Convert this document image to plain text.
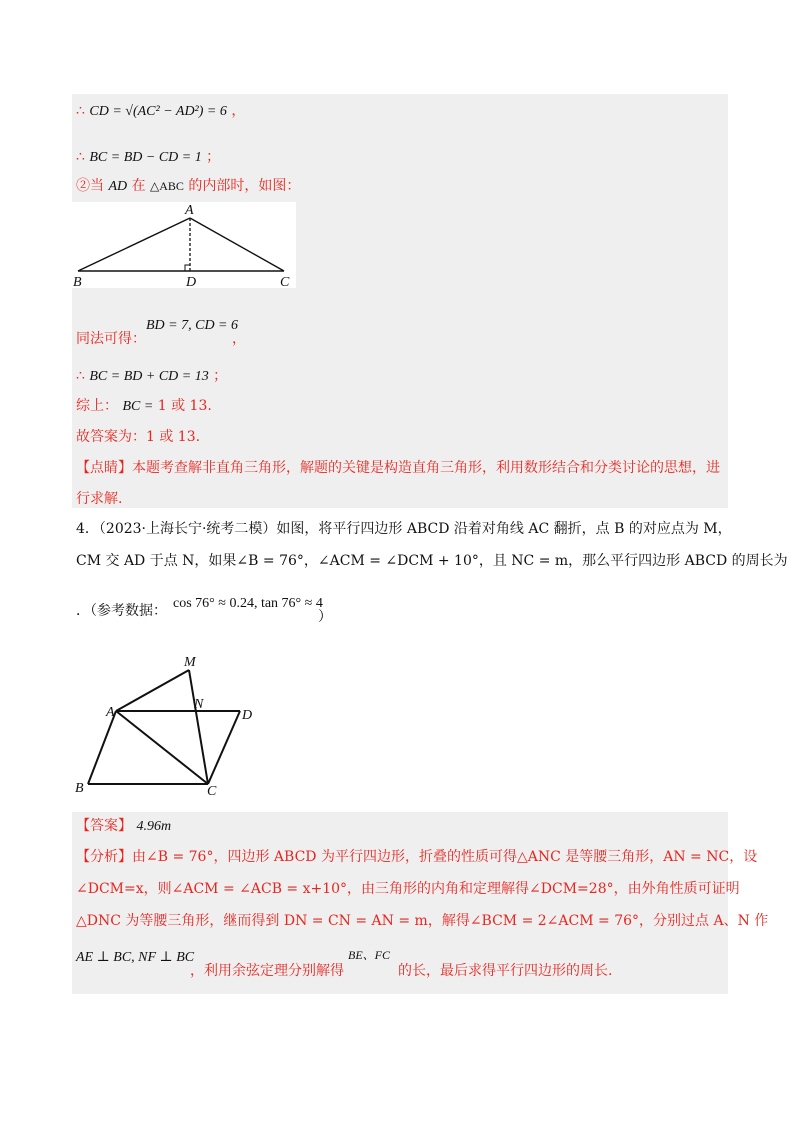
∴ CD = √(AC² − AD²) = 6 ，
∴ BC = BD − CD = 1 ；
②当 AD 在 △ABC 的内部时，如图：
A
B	D	C
同法可得：
BD = 7, CD = 6
，
∴ BC = BD + CD = 13 ；
综上： BC = 1 或 13.
故答案为：1 或 13.
【点睛】本题考查解非直角三角形，解题的关键是构造直角三角形，利用数形结合和分类讨论的思想，进
行求解.
4．（2023·上海长宁·统考二模）如图，将平行四边形 ABCD 沿着对角线 AC 翻折，点 B 的对应点为 M，
CM 交 AD 于点 N，如果∠B = 76°，∠ACM = ∠DCM + 10°，且 NC = m，那么平行四边形 ABCD 的周长为
．（参考数据： cos 76° ≈ 0.24, tan 76° ≈ 4
）
M
A
N
D
B	C
【答案】 4.96m
【分析】由∠B = 76°，四边形 ABCD 为平行四边形，折叠的性质可得△ANC 是等腰三角形，AN = NC，设
∠DCM=x，则∠ACM = ∠ACB = x+10°，由三角形的内角和定理解得∠DCM=28°，由外角性质可证明
△DNC 为等腰三角形，继而得到 DN = CN = AN = m，解得∠BCM = 2∠ACM = 76°，分别过点 A、N 作
AE ⊥ BC, NF ⊥ BC
，利用余弦定理分别解得
BE、FC
的长，最后求得平行四边形的周长.
